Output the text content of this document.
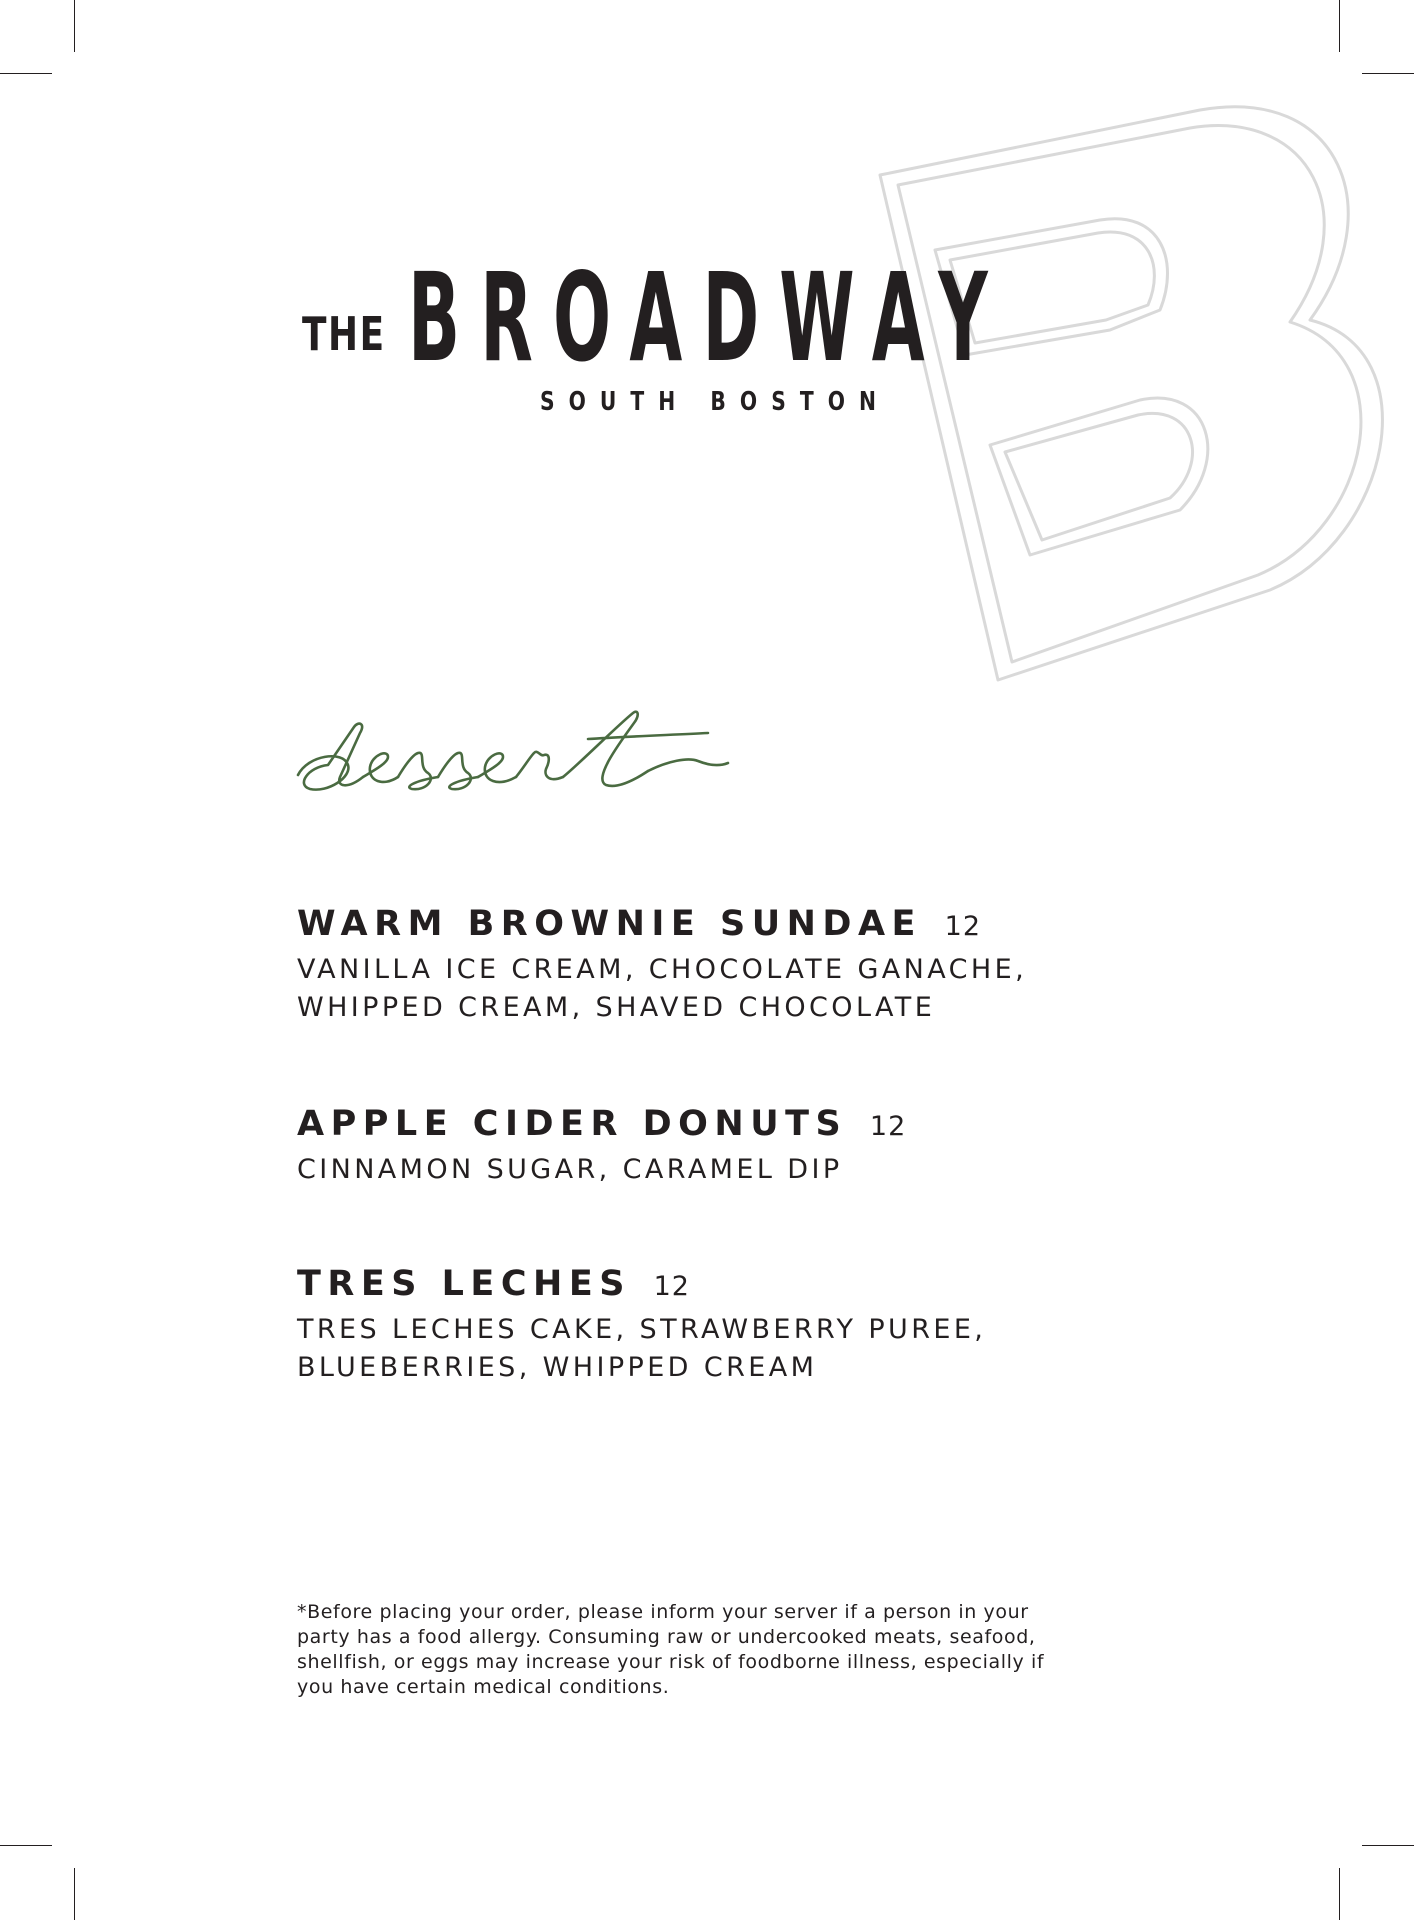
THE BROADWAY
SOUTH BOSTON
WARM BROWNIE SUNDAE 12
VANILLA ICE CREAM, CHOCOLATE GANACHE,
WHIPPED CREAM, SHAVED CHOCOLATE
APPLE CIDER DONUTS 12
CINNAMON SUGAR, CARAMEL DIP
TRES LECHES 12
TRES LECHES CAKE, STRAWBERRY PUREE,
BLUEBERRIES, WHIPPED CREAM
*Before placing your order, please inform your server if a person in your party has a food allergy. Consuming raw or undercooked meats, seafood, shellfish, or eggs may increase your risk of foodborne illness, especially if you have certain medical conditions.
